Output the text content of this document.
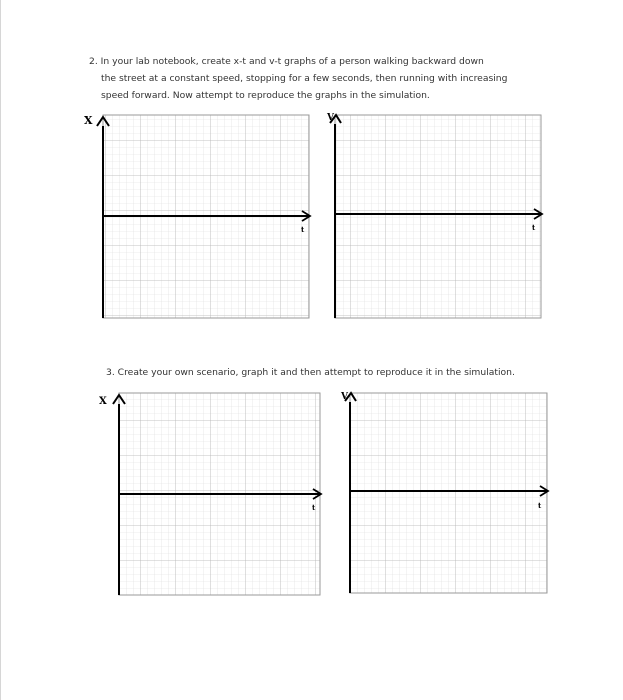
2. In your lab notebook, create x-t and v-t graphs of a person walking backward down
the street at a constant speed, stopping for a few seconds, then running with increasing
speed forward. Now attempt to reproduce the graphs in the simulation.
3. Create your own scenario, graph it and then attempt to reproduce it in the simulation.
X
t
V
t
X
t
V
t
